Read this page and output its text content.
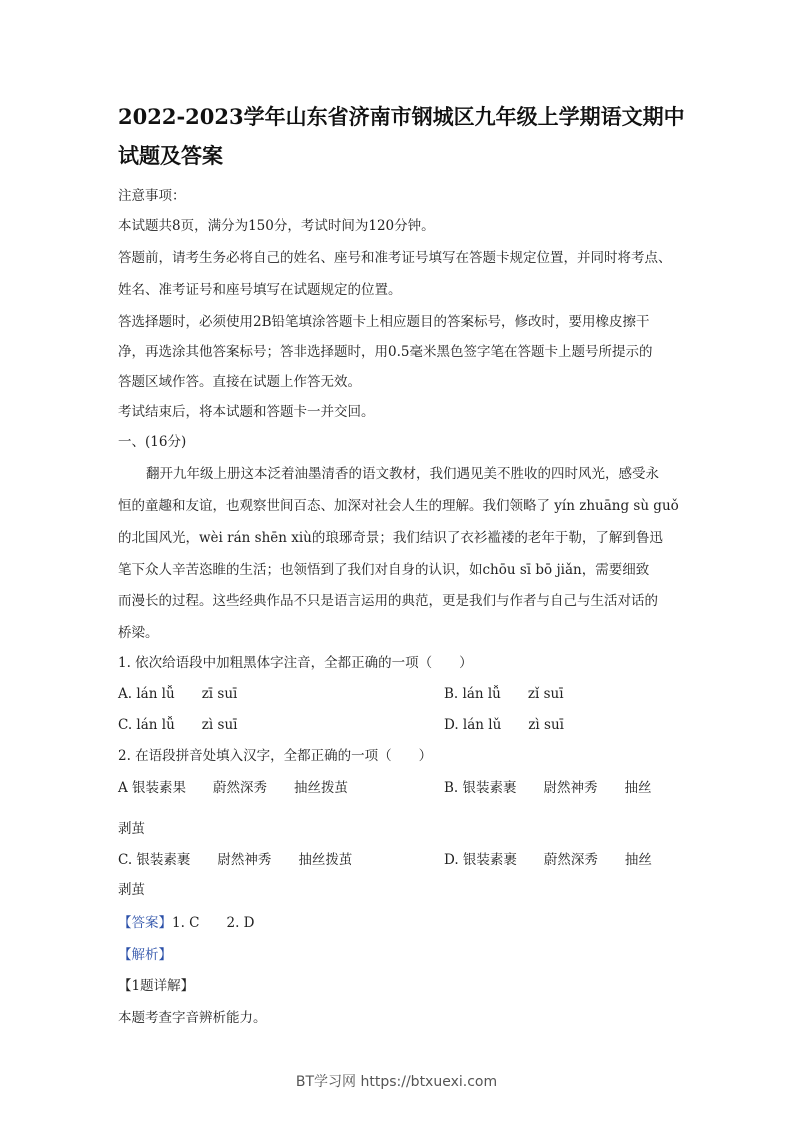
2022-2023学年山东省济南市钢城区九年级上学期语文期中
试题及答案
注意事项：
本试题共8页，满分为150分，考试时间为120分钟。
答题前，请考生务必将自己的姓名、座号和准考证号填写在答题卡规定位置，并同时将考点、
姓名、准考证号和座号填写在试题规定的位置。
答选择题时，必须使用2B铅笔填涂答题卡上相应题目的答案标号，修改时，要用橡皮擦干
净，再选涂其他答案标号；答非选择题时，用0.5毫米黑色签字笔在答题卡上题号所提示的
答题区域作答。直接在试题上作答无效。
考试结束后，将本试题和答题卡一并交回。
一、(16分)
翻开九年级上册这本泛着油墨清香的语文教材，我们遇见美不胜收的四时风光，感受永
恒的童趣和友谊，也观察世间百态、加深对社会人生的理解。我们领略了 yín zhuāng sù guǒ
的北国风光，wèi rán shēn xiù的琅琊奇景；我们结识了衣衫褴褛的老年于勒，了解到鲁迅
笔下众人辛苦恣睢的生活；也领悟到了我们对自身的认识，如chōu sī bō jiǎn，需要细致
而漫长的过程。这些经典作品不只是语言运用的典范，更是我们与作者与自己与生活对话的
桥梁。
1. 依次给语段中加粗黑体字注音，全都正确的一项（　　）
A. lán lǚ　　zī suī	B. lán lǚ　　zǐ suī
C. lán lǚ　　zì suī	D. lán lǔ　　zì suī
2. 在语段拼音处填入汉字，全都正确的一项（　　）
A 银装素果　　蔚然深秀　　抽丝拨茧	B. 银装素裹　　尉然神秀　　抽丝
剥茧
C. 银装素裹　　尉然神秀　　抽丝拨茧	D. 银装素裹　　蔚然深秀　　抽丝
剥茧
【答案】1. C　　2. D
【解析】
【1题详解】
本题考查字音辨析能力。
BT学习网 https://btxuexi.com
